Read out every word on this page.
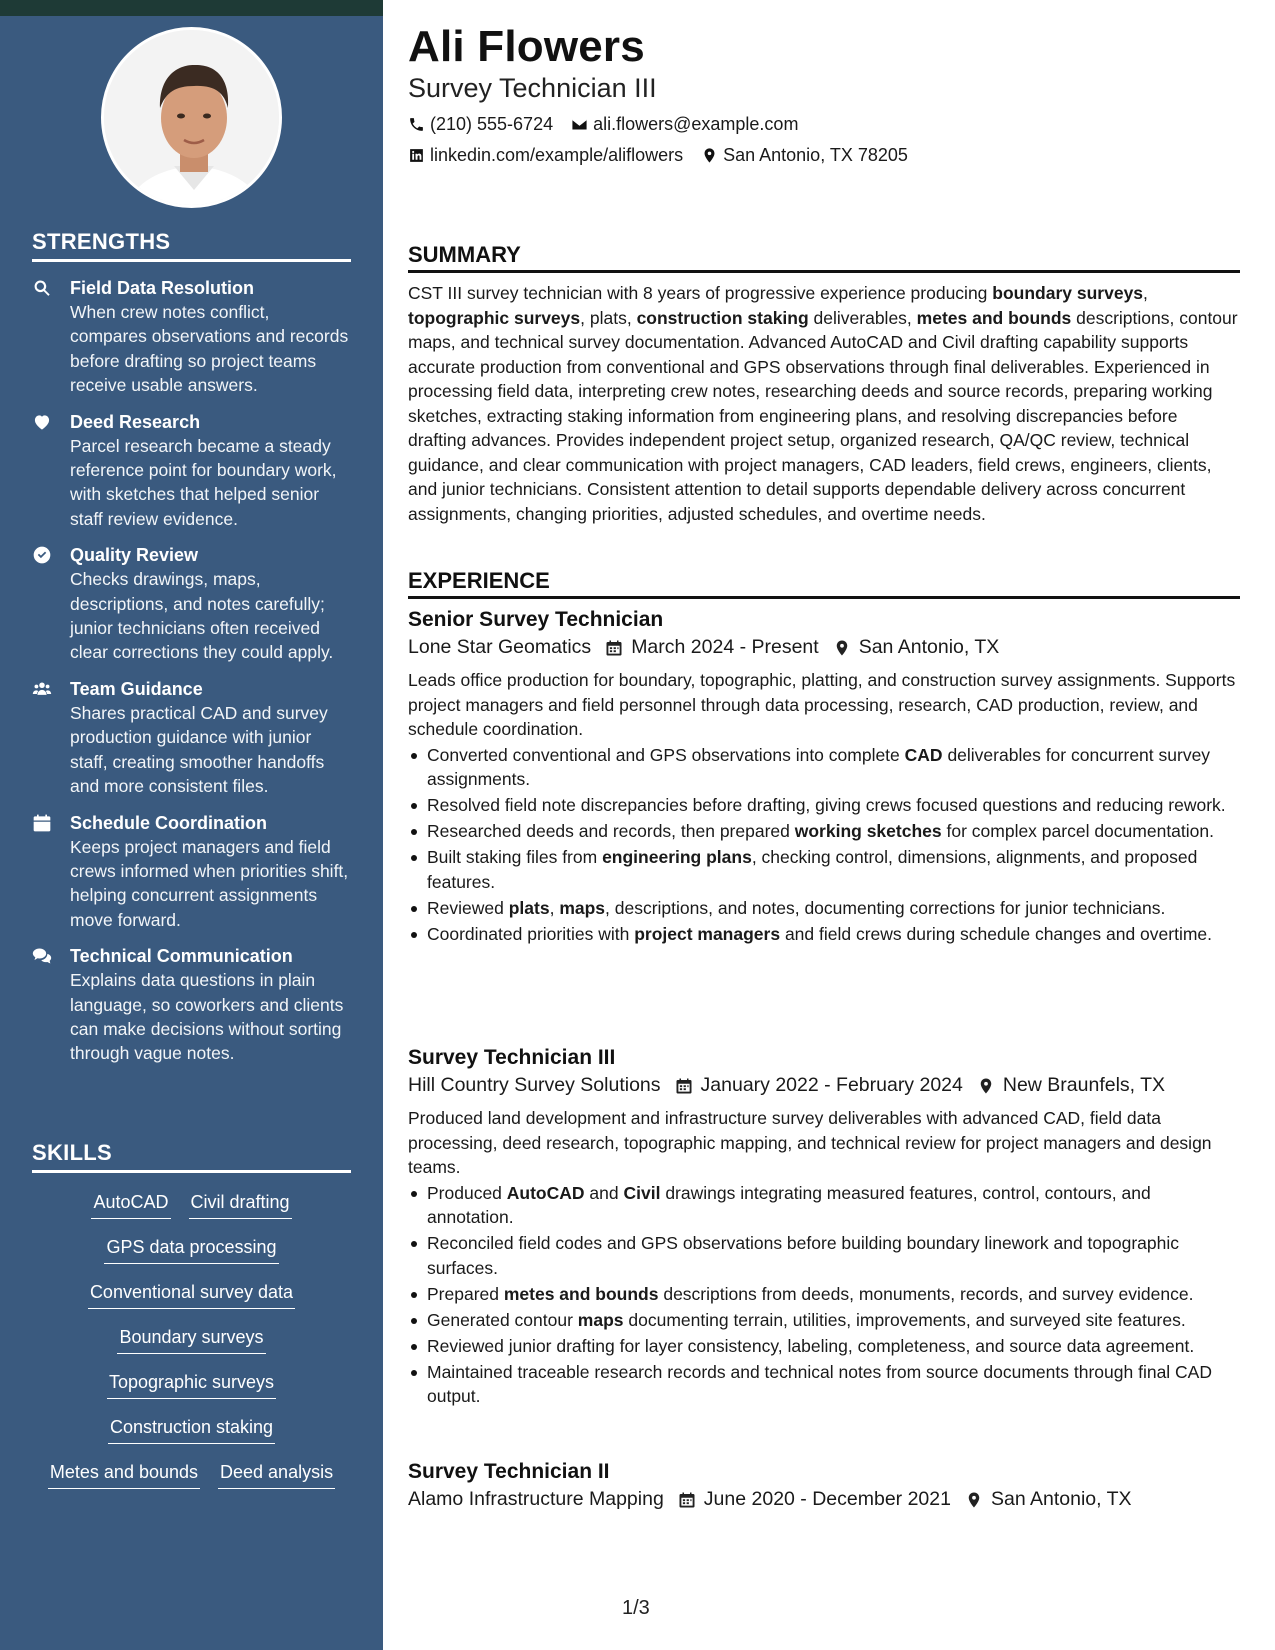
STRENGTHS
Field Data Resolution
When crew notes conflict, compares observations and records before drafting so project teams receive usable answers.
Deed Research
Parcel research became a steady reference point for boundary work, with sketches that helped senior staff review evidence.
Quality Review
Checks drawings, maps, descriptions, and notes carefully; junior technicians often received clear corrections they could apply.
Team Guidance
Shares practical CAD and survey production guidance with junior staff, creating smoother handoffs and more consistent files.
Schedule Coordination
Keeps project managers and field crews informed when priorities shift, helping concurrent assignments move forward.
Technical Communication
Explains data questions in plain language, so coworkers and clients can make decisions without sorting through vague notes.
SKILLS
AutoCAD Civil drafting
GPS data processing
Conventional survey data
Boundary surveys
Topographic surveys
Construction staking
Metes and bounds Deed analysis
Ali Flowers
Survey Technician III
(210) 555-6724 ali.flowers@example.com
linkedin.com/example/aliflowers San Antonio, TX 78205
SUMMARY
CST III survey technician with 8 years of progressive experience producing boundary surveys, topographic surveys, plats, construction staking deliverables, metes and bounds descriptions, contour maps, and technical survey documentation. Advanced AutoCAD and Civil drafting capability supports accurate production from conventional and GPS observations through final deliverables. Experienced in processing field data, interpreting crew notes, researching deeds and source records, preparing working sketches, extracting staking information from engineering plans, and resolving discrepancies before drafting advances. Provides independent project setup, organized research, QA/QC review, technical guidance, and clear communication with project managers, CAD leaders, field crews, engineers, clients, and junior technicians. Consistent attention to detail supports dependable delivery across concurrent assignments, changing priorities, adjusted schedules, and overtime needs.
EXPERIENCE
Senior Survey Technician
Lone Star Geomatics March 2024 - Present San Antonio, TX
Leads office production for boundary, topographic, platting, and construction survey assignments. Supports project managers and field personnel through data processing, research, CAD production, review, and schedule coordination.
Converted conventional and GPS observations into complete CAD deliverables for concurrent survey assignments.
Resolved field note discrepancies before drafting, giving crews focused questions and reducing rework.
Researched deeds and records, then prepared working sketches for complex parcel documentation.
Built staking files from engineering plans, checking control, dimensions, alignments, and proposed features.
Reviewed plats, maps, descriptions, and notes, documenting corrections for junior technicians.
Coordinated priorities with project managers and field crews during schedule changes and overtime.
Survey Technician III
Hill Country Survey Solutions January 2022 - February 2024 New Braunfels, TX
Produced land development and infrastructure survey deliverables with advanced CAD, field data processing, deed research, topographic mapping, and technical review for project managers and design teams.
Produced AutoCAD and Civil drawings integrating measured features, control, contours, and annotation.
Reconciled field codes and GPS observations before building boundary linework and topographic surfaces.
Prepared metes and bounds descriptions from deeds, monuments, records, and survey evidence.
Generated contour maps documenting terrain, utilities, improvements, and surveyed site features.
Reviewed junior drafting for layer consistency, labeling, completeness, and source data agreement.
Maintained traceable research records and technical notes from source documents through final CAD output.
Survey Technician II
Alamo Infrastructure Mapping June 2020 - December 2021 San Antonio, TX
1/3
